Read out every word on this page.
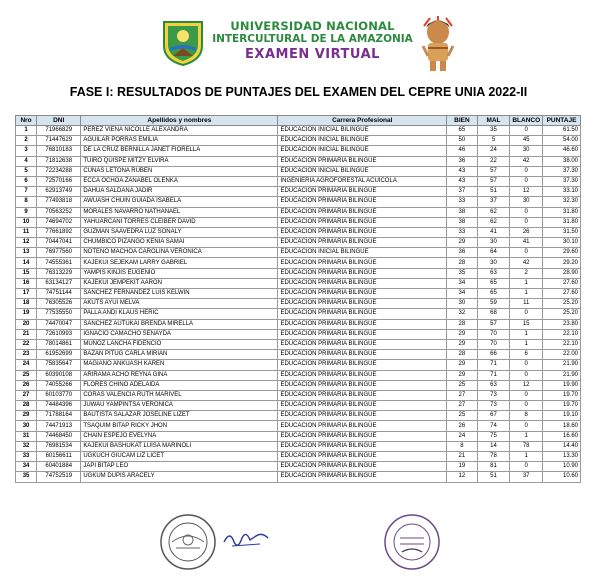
UNIVERSIDAD NACIONAL
INTERCULTURAL DE LA AMAZONIA
EXAMEN VIRTUAL
FASE I: RESULTADOS DE PUNTAJES DEL EXAMEN DEL CEPRE UNIA 2022-II
Nro	DNI	Apellidos y nombres	Carrera Profesional	BIEN	MAL	BLANCO	PUNTAJE
1	71966829	PEREZ VIENA NICOLLE ALEXANDRA	EDUCACION INICIAL BILINGÜE	65	35	0	61.50
2	71447629	AGUILAR PORRAS EMILIA	EDUCACION INICIAL BILINGÜE	50	5	45	54.00
3	76810183	DE LA CRUZ BERNILLA JANET FIORELLA	EDUCACION INICIAL BILINGÜE	46	24	30	46.60
4	71812638	TUIRO QUISPE MITZY ELVIRA	EDUCACION PRIMARIA BILINGÜE	36	22	42	38.00
5	72234288	CUÑAS LETONA RUBEN	EDUCACION INICIAL BILINGÜE	43	57	0	37.30
6	72570166	ECCA OCHOA ZANABEL OLENKA	INGENIERÍA AGROFORESTAL ACUÍCOLA	43	57	0	37.30
7	62913749	DAHUA SALDAÑA JADIR	EDUCACION PRIMARIA BILINGÜE	37	51	12	33.10
8	77493818	AWUASH CHUIN GUIADA ISABELA	EDUCACION PRIMARIA BILINGÜE	33	37	30	32.30
9	70563252	MORALES NAVARRO NATHANAEL	EDUCACION PRIMARIA BILINGÜE	38	62	0	31.80
10	74694702	YAHUARCANI TORRES CLEIBER DAVID	EDUCACION PRIMARIA BILINGÜE	38	62	0	31.80
11	77661892	GUZMAN SAAVEDRA LUZ SONALY	EDUCACION PRIMARIA BILINGÜE	33	41	26	31.50
12	70447041	CHUMBICO PIZANGO KENIA SAMAI	EDUCACION PRIMARIA BILINGÜE	29	30	41	30.10
13	76977560	NOTENO MACHOA CAROLINA VERONICA	EDUCACION INICIAL BILINGÜE	36	64	0	29.60
14	74555361	KAJEKUI SEJEKAM LARRY GABRIEL	EDUCACION PRIMARIA BILINGÜE	28	30	42	29.20
15	76313229	YAMPIS KINJIS EUGENIO	EDUCACION PRIMARIA BILINGÜE	35	63	2	28.90
16	63134127	KAJEKUI JEMPEKIT AARON	EDUCACION PRIMARIA BILINGÜE	34	65	1	27.60
17	74751144	SANCHEZ FERNANDEZ LUIS KELWIN	EDUCACION PRIMARIA BILINGÜE	34	65	1	27.60
18	76305526	AKUTS AYUI MELVA	EDUCACION PRIMARIA BILINGÜE	30	59	11	25.20
19	77535550	PALLA ANDI KLAUS HERIC	EDUCACION PRIMARIA BILINGÜE	32	68	0	25.20
20	74470047	SANCHEZ AUTUKAI BRENDA MIRELLA	EDUCACION PRIMARIA BILINGÜE	28	57	15	23.80
21	72610993	IGNACIO CAMACHO SENAYDA	EDUCACION PRIMARIA BILINGÜE	29	70	1	22.10
22	78014861	MUÑOZ LANCHA FIDENCIO	EDUCACION PRIMARIA BILINGÜE	29	70	1	22.10
23	61952699	BAZAN PITUG CARLA MIRIAN	EDUCACION PRIMARIA BILINGÜE	28	66	6	22.00
24	75835647	MAGIANO ANKUASH KAREN	EDUCACION PRIMARIA BILINGÜE	29	71	0	21.90
25	60390108	ARIRAMA ACHO REYNA GINA	EDUCACION PRIMARIA BILINGÜE	29	71	0	21.90
26	74055266	FLORES CHINO ADELAIDA	EDUCACION PRIMARIA BILINGÜE	25	63	12	19.90
27	60103770	CORAS VALENCIA RUTH MARIVEL	EDUCACION PRIMARIA BILINGÜE	27	73	0	19.70
28	74484396	JUWAU YAMPINTSA VERONICA	EDUCACION PRIMARIA BILINGÜE	27	73	0	19.70
29	71788164	BAUTISTA SALAZAR JOSELINE LIZET	EDUCACION PRIMARIA BILINGÜE	25	67	8	19.10
30	74471913	TSAQUIM BITAP RICKY JHON	EDUCACION PRIMARIA BILINGÜE	26	74	0	18.60
31	74468450	CHAIN ESPEJO EVELYNA	EDUCACION PRIMARIA BILINGÜE	24	75	1	16.60
32	76981534	KAJEKUI BASHUKAT LUISA MARINOLI	EDUCACION PRIMARIA BILINGÜE	8	14	78	14.40
33	60156611	UGKUCH GIUCAM LIZ LICET	EDUCACION PRIMARIA BILINGÜE	21	78	1	13.30
34	60401884	JAPI BITAP LEO	EDUCACION PRIMARIA BILINGÜE	19	81	0	10.90
35	74752519	UGKUM DUPIS ARACELY	EDUCACION PRIMARIA BILINGÜE	12	51	37	10.60
